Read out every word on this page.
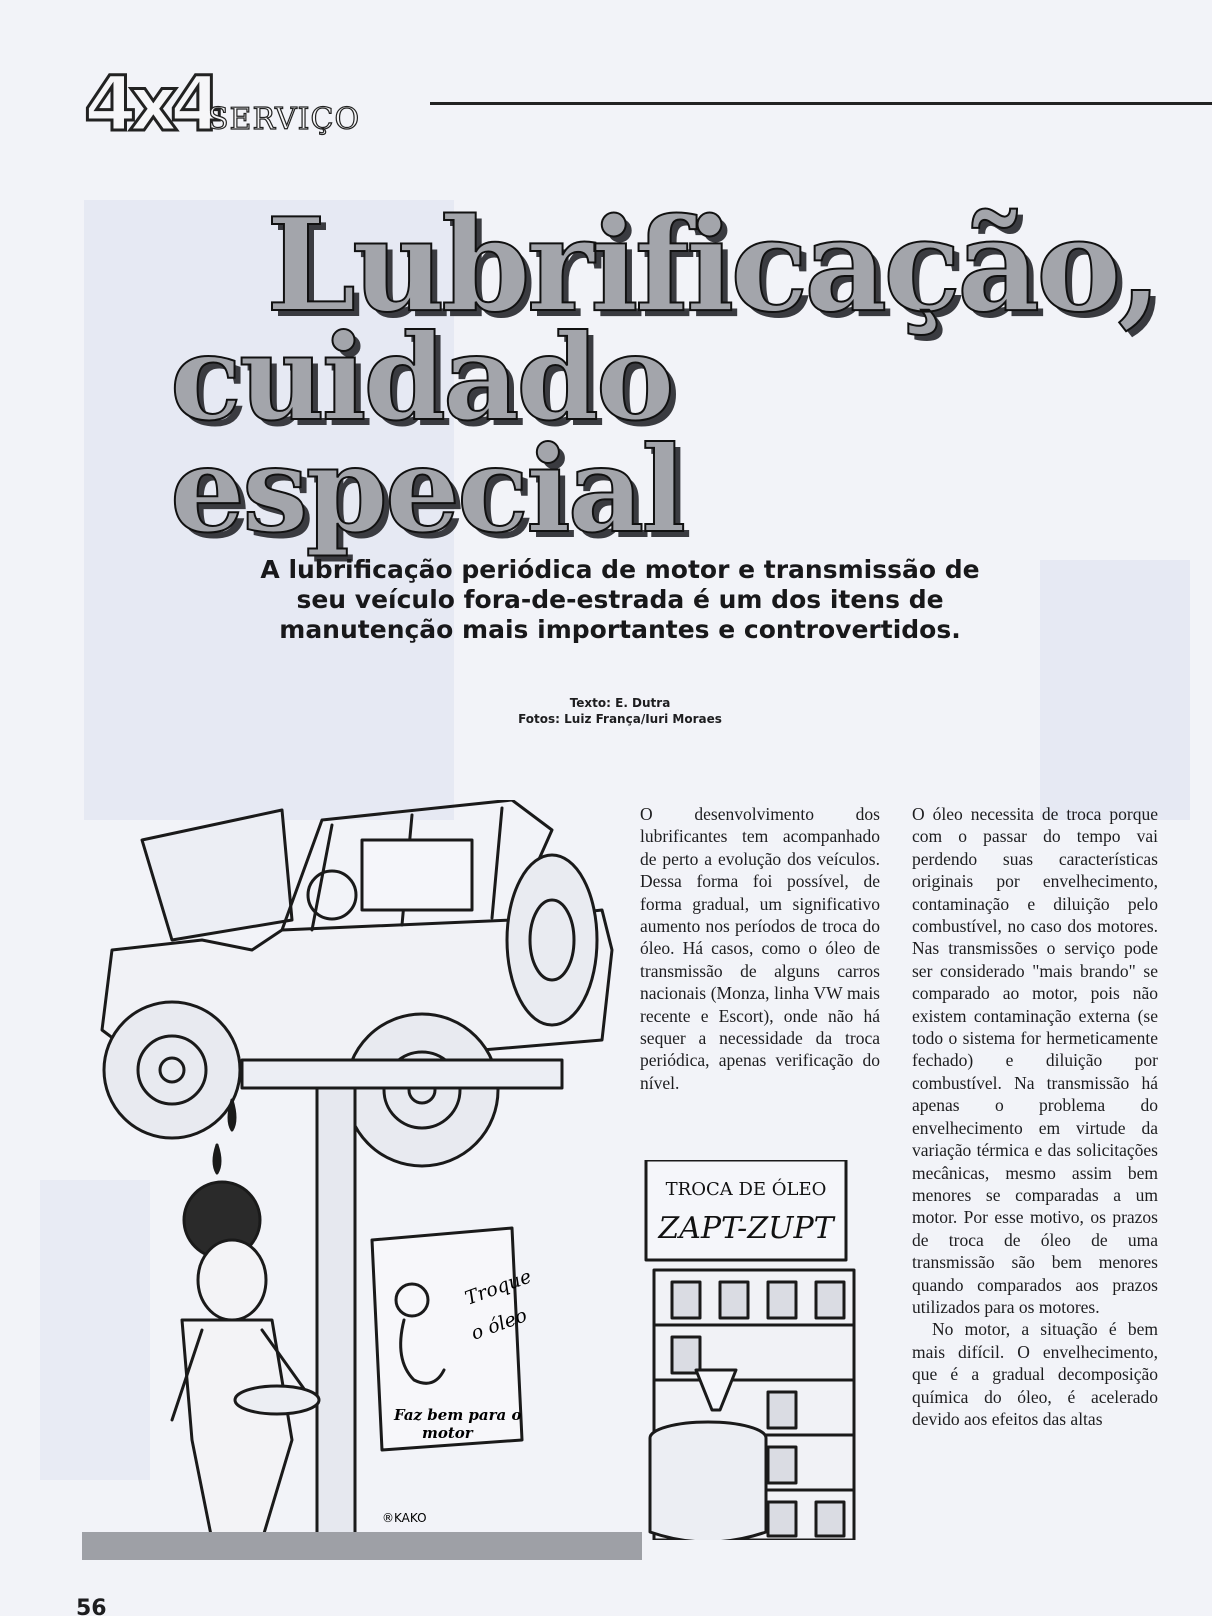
4x4
SERVIÇO
Lubrificação,
cuidado especial
A lubrificação periódica de motor e transmissão de seu veículo fora-de-estrada é um dos itens de manutenção mais importantes e controvertidos.
Texto: E. Dutra
Fotos: Luiz França/Iuri Moraes
Troque
o óleo
Faz bem para o
motor
®KAKO
TROCA DE ÓLEO
ZAPT-ZUPT

O desenvolvimento dos lubrificantes tem acompanhado de perto a evolução dos veículos. Dessa forma foi possível, de forma gradual, um significativo aumento nos períodos de troca do óleo. Há casos, como o óleo de transmissão de alguns carros nacionais (Monza, linha VW mais recente e Escort), onde não há sequer a necessidade da troca periódica, apenas verificação do nível.

O óleo necessita de troca porque com o passar do tempo vai perdendo suas características originais por envelhecimento, contaminação e diluição pelo combustível, no caso dos motores. Nas transmissões o serviço pode ser considerado "mais brando" se comparado ao motor, pois não existem contaminação externa (se todo o sistema for hermeticamente fechado) e diluição por combustível. Na transmissão há apenas o problema do envelhecimento em virtude da variação térmica e das solicitações mecânicas, mesmo assim bem menores se comparadas a um motor. Por esse motivo, os prazos de troca de óleo de uma transmissão são bem menores quando comparados aos prazos utilizados para os motores.

No motor, a situação é bem mais difícil. O envelhecimento, que é a gradual decomposição química do óleo, é acelerado devido aos efeitos das altas

56
